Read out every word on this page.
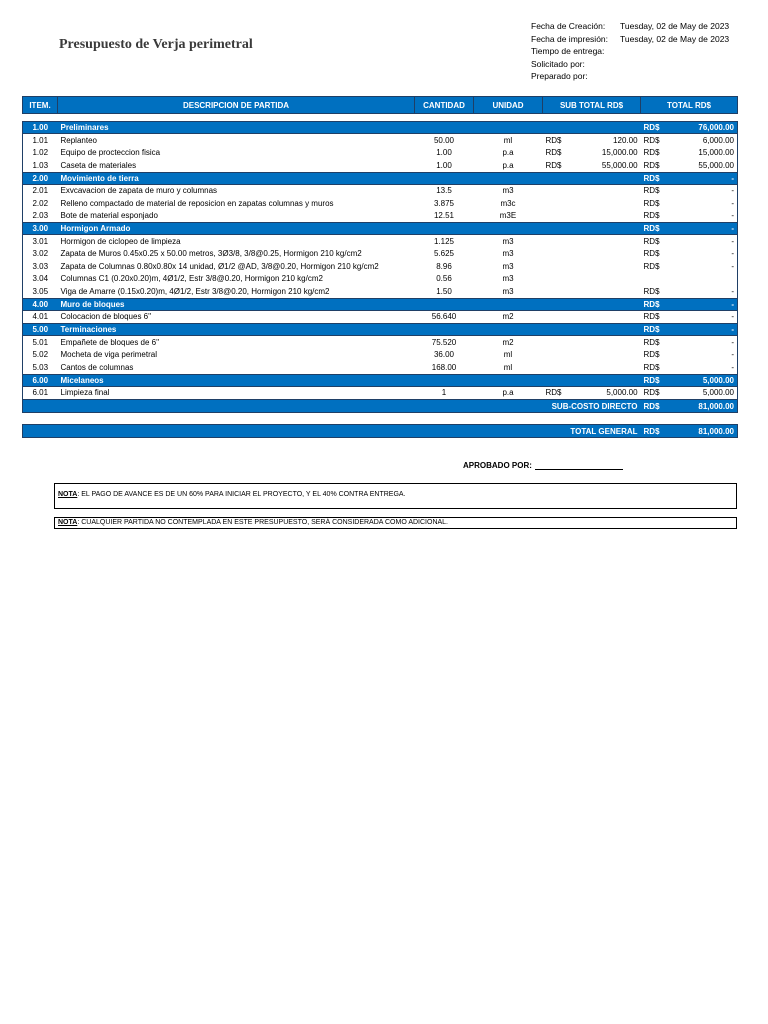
Presupuesto de Verja perimetral
Fecha de Creación:	Tuesday, 02 de May de 2023
Fecha de impresión:	Tuesday, 02 de May de 2023
Tiempo de entrega:
Solicitado por:
Preparado por:
ITEM.	DESCRIPCION DE PARTIDA	CANTIDAD	UNIDAD	SUB TOTAL RD$		TOTAL RD$	

1.00	Preliminares					RD$	76,000.00
1.01	Replanteo	50.00	ml	RD$	120.00	RD$	6,000.00
1.02	Equipo de procteccion fisica	1.00	p.a	RD$	15,000.00	RD$	15,000.00
1.03	Caseta de materiales	1.00	p.a	RD$	55,000.00	RD$	55,000.00
2.00	Movimiento de tierra					RD$	-
2.01	Exvcavacion de zapata de muro y columnas	13.5	m3			RD$	-
2.02	Relleno compactado de material de reposicion en zapatas columnas y muros	3.875	m3c			RD$	-
2.03	Bote de material esponjado	12.51	m3E			RD$	-
3.00	Hormigon Armado					RD$	-
3.01	Hormigon de ciclopeo de limpieza	1.125	m3			RD$	-
3.02	Zapata de Muros 0.45x0.25 x 50.00 metros, 3Ø3/8, 3/8@0.25, Hormigon 210 kg/cm2	5.625	m3			RD$	-
3.03	Zapata de Columnas 0.80x0.80x 14 unidad, Ø1/2 @AD, 3/8@0.20, Hormigon 210 kg/cm2	8.96	m3			RD$	-
3.04	Columnas C1 (0.20x0.20)m, 4Ø1/2, Estr 3/8@0.20, Hormigon 210 kg/cm2	0.56	m3				
3.05	Viga de Amarre (0.15x0.20)m, 4Ø1/2, Estr 3/8@0.20, Hormigon 210 kg/cm2	1.50	m3			RD$	-
4.00	Muro de bloques					RD$	-
4.01	Colocacion de bloques 6''	56.640	m2			RD$	-
5.00	Terminaciones					RD$	-
5.01	Empañete de bloques de 6''	75.520	m2			RD$	-
5.02	Mocheta de viga perimetral	36.00	ml			RD$	-
5.03	Cantos de columnas	168.00	ml			RD$	-
6.00	Micelaneos					RD$	5,000.00
6.01	Limpieza final	1	p.a	RD$	5,000.00	RD$	5,000.00
SUB-COSTO DIRECTO						RD$	81,000.00

TOTAL GENERAL						RD$	81,000.00
APROBADO POR:
NOTA: EL PAGO DE AVANCE ES DE UN 60% PARA INICIAR EL PROYECTO, Y EL 40% CONTRA ENTREGA.
NOTA: CUALQUIER PARTIDA NO CONTEMPLADA EN ESTE PRESUPUESTO, SERÁ CONSIDERADA COMO ADICIONAL.
